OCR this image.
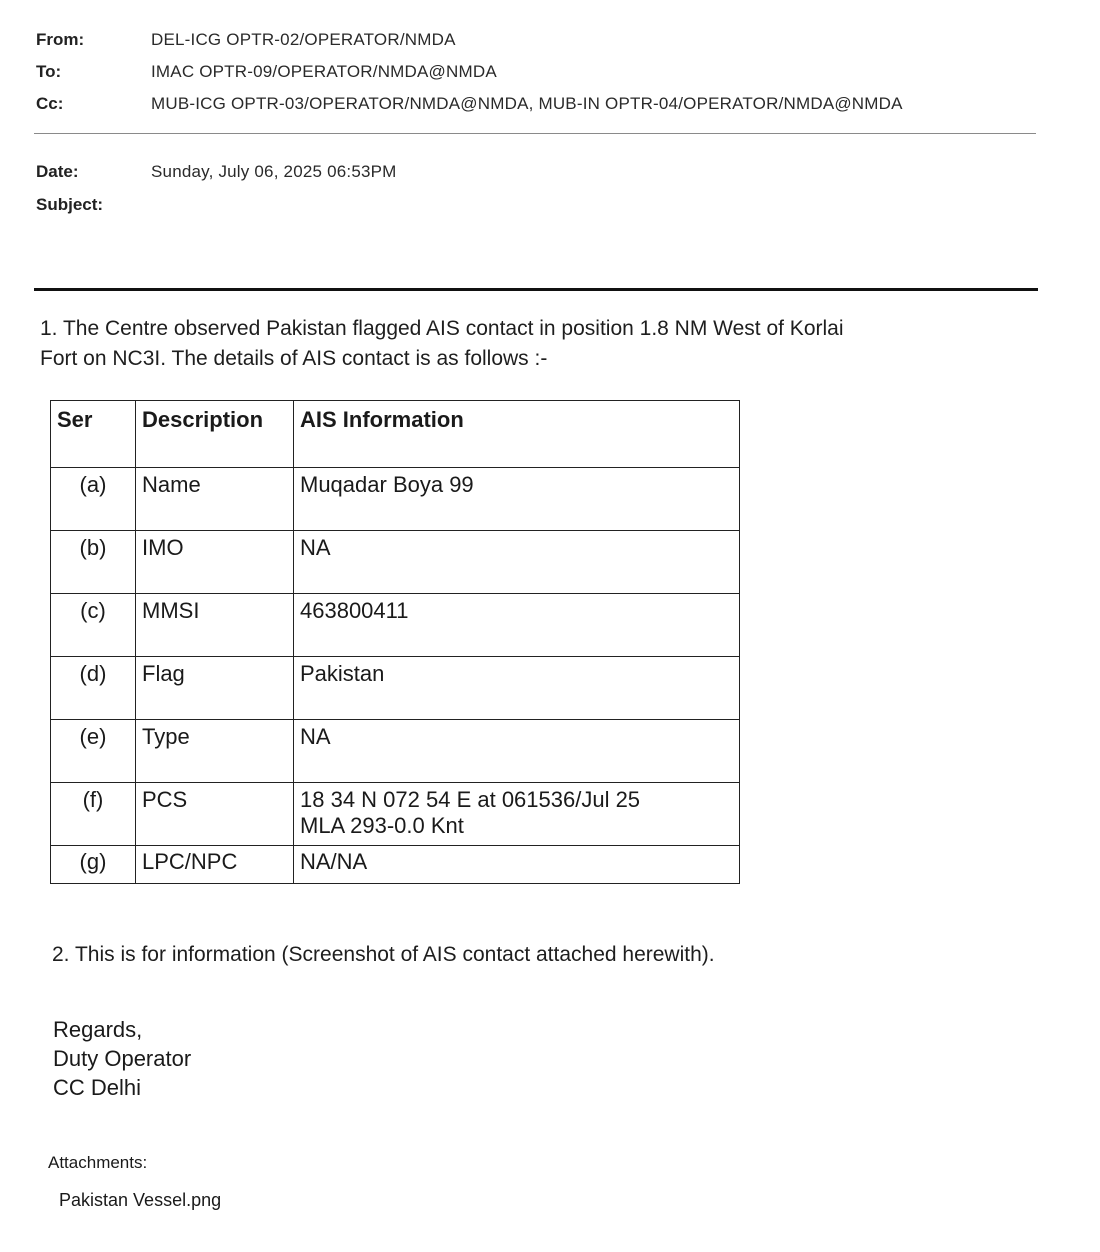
From:	DEL-ICG OPTR-02/OPERATOR/NMDA
To:	IMAC OPTR-09/OPERATOR/NMDA@NMDA
Cc:	MUB-ICG OPTR-03/OPERATOR/NMDA@NMDA, MUB-IN OPTR-04/OPERATOR/NMDA@NMDA
Date:	Sunday, July 06, 2025 06:53PM
Subject:
1. The Centre observed Pakistan flagged AIS contact in position 1.8 NM West of Korlai
Fort on NC3I. The details of AIS contact is as follows :-
Ser	Description	AIS Information
(a)	Name	Muqadar Boya 99
(b)	IMO	NA
(c)	MMSI	463800411
(d)	Flag	Pakistan
(e)	Type	NA
(f)	PCS	18 34 N 072 54 E at 061536/Jul 25
MLA 293-0.0 Knt

(g)	LPC/NPC	NA/NA
2. This is for information (Screenshot of AIS contact attached herewith).
Regards,
Duty Operator
CC Delhi
Attachments:
Pakistan Vessel.png
